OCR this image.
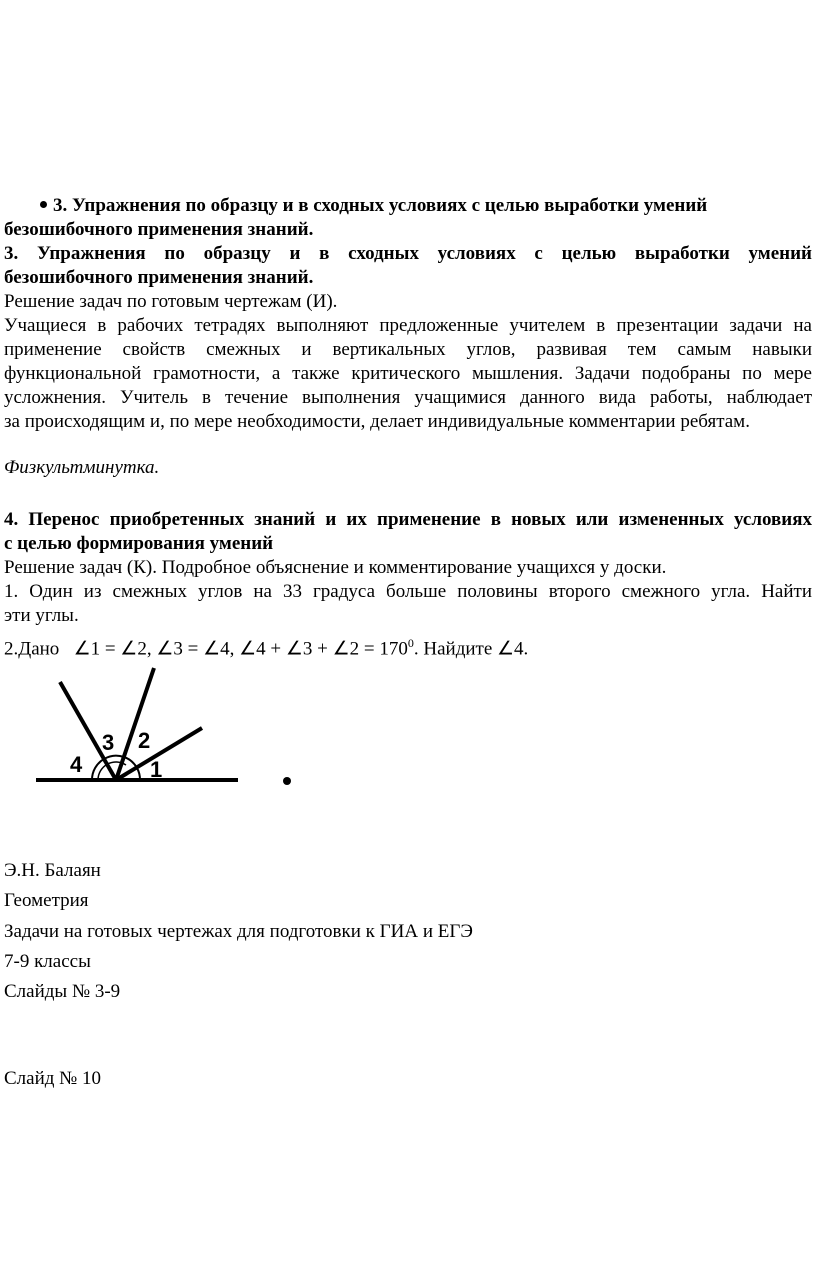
3. Упражнения по образцу и в сходных условиях с целью выработки умений
безошибочного применения знаний.
3. Упражнения по образцу и в сходных условиях с целью выработки умений
безошибочного применения знаний.
Решение задач по готовым чертежам (И).
Учащиеся в рабочих тетрадях выполняют предложенные учителем в презентации задачи на
применение свойств смежных и вертикальных углов, развивая тем самым навыки
функциональной грамотности, а также критического мышления. Задачи подобраны по мере
усложнения. Учитель в течение выполнения учащимися данного вида работы, наблюдает
за происходящим и, по мере необходимости, делает индивидуальные комментарии ребятам.
Физкультминутка.
4. Перенос приобретенных знаний и их применение в новых или измененных условиях
с целью формирования умений
Решение задач (К). Подробное объяснение и комментирование учащихся у доски.
1. Один из смежных углов на 33 градуса больше половины второго смежного угла. Найти
эти углы.
2.Дано ∠1 = ∠2, ∠3 = ∠4, ∠4 + ∠3 + ∠2 = $170^0$. Найдите ∠4.
4
3 2
1
Э.Н. Балаян
Геометрия
Задачи на готовых чертежах для подготовки к ГИА и ЕГЭ
7-9 классы
Слайды № 3-9
Слайд № 10
